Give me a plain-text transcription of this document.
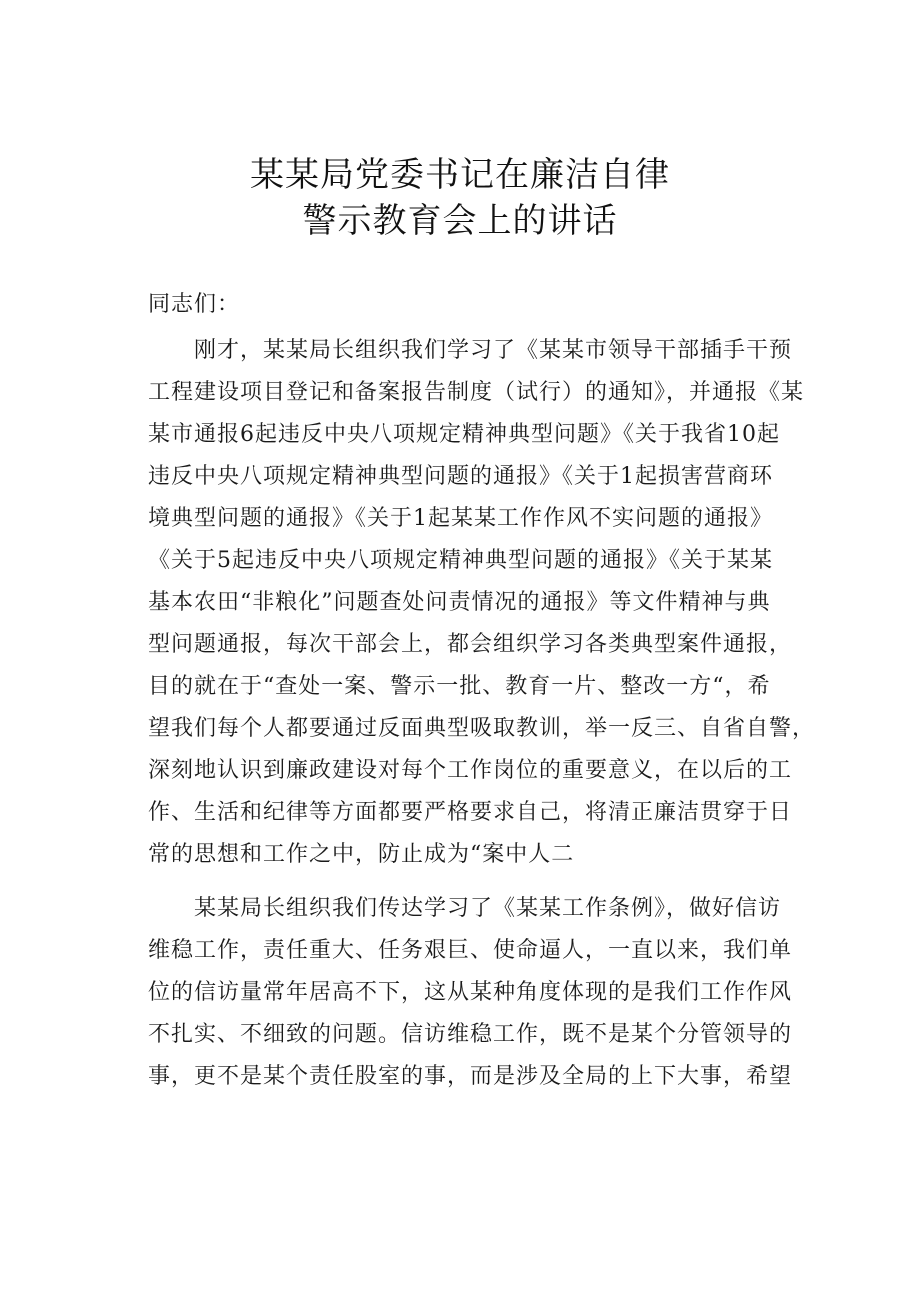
某某局党委书记在廉洁自律
警示教育会上的讲话
同志们：
刚才，某某局长组织我们学习了《某某市领导干部插手干预
工程建设项目登记和备案报告制度（试行）的通知》，并通报《某
某市通报6起违反中央八项规定精神典型问题》《关于我省10起
违反中央八项规定精神典型问题的通报》《关于1起损害营商环
境典型问题的通报》《关于1起某某工作作风不实问题的通报》
《关于5起违反中央八项规定精神典型问题的通报》《关于某某
基本农田“非粮化”问题查处问责情况的通报》等文件精神与典
型问题通报，每次干部会上，都会组织学习各类典型案件通报，
目的就在于“查处一案、警示一批、教育一片、整改一方“，希
望我们每个人都要通过反面典型吸取教训，举一反三、自省自警，
深刻地认识到廉政建设对每个工作岗位的重要意义，在以后的工
作、生活和纪律等方面都要严格要求自己，将清正廉洁贯穿于日
常的思想和工作之中，防止成为“案中人二
某某局长组织我们传达学习了《某某工作条例》，做好信访
维稳工作，责任重大、任务艰巨、使命逼人，一直以来，我们单
位的信访量常年居高不下，这从某种角度体现的是我们工作作风
不扎实、不细致的问题。信访维稳工作，既不是某个分管领导的
事，更不是某个责任股室的事，而是涉及全局的上下大事，希望
